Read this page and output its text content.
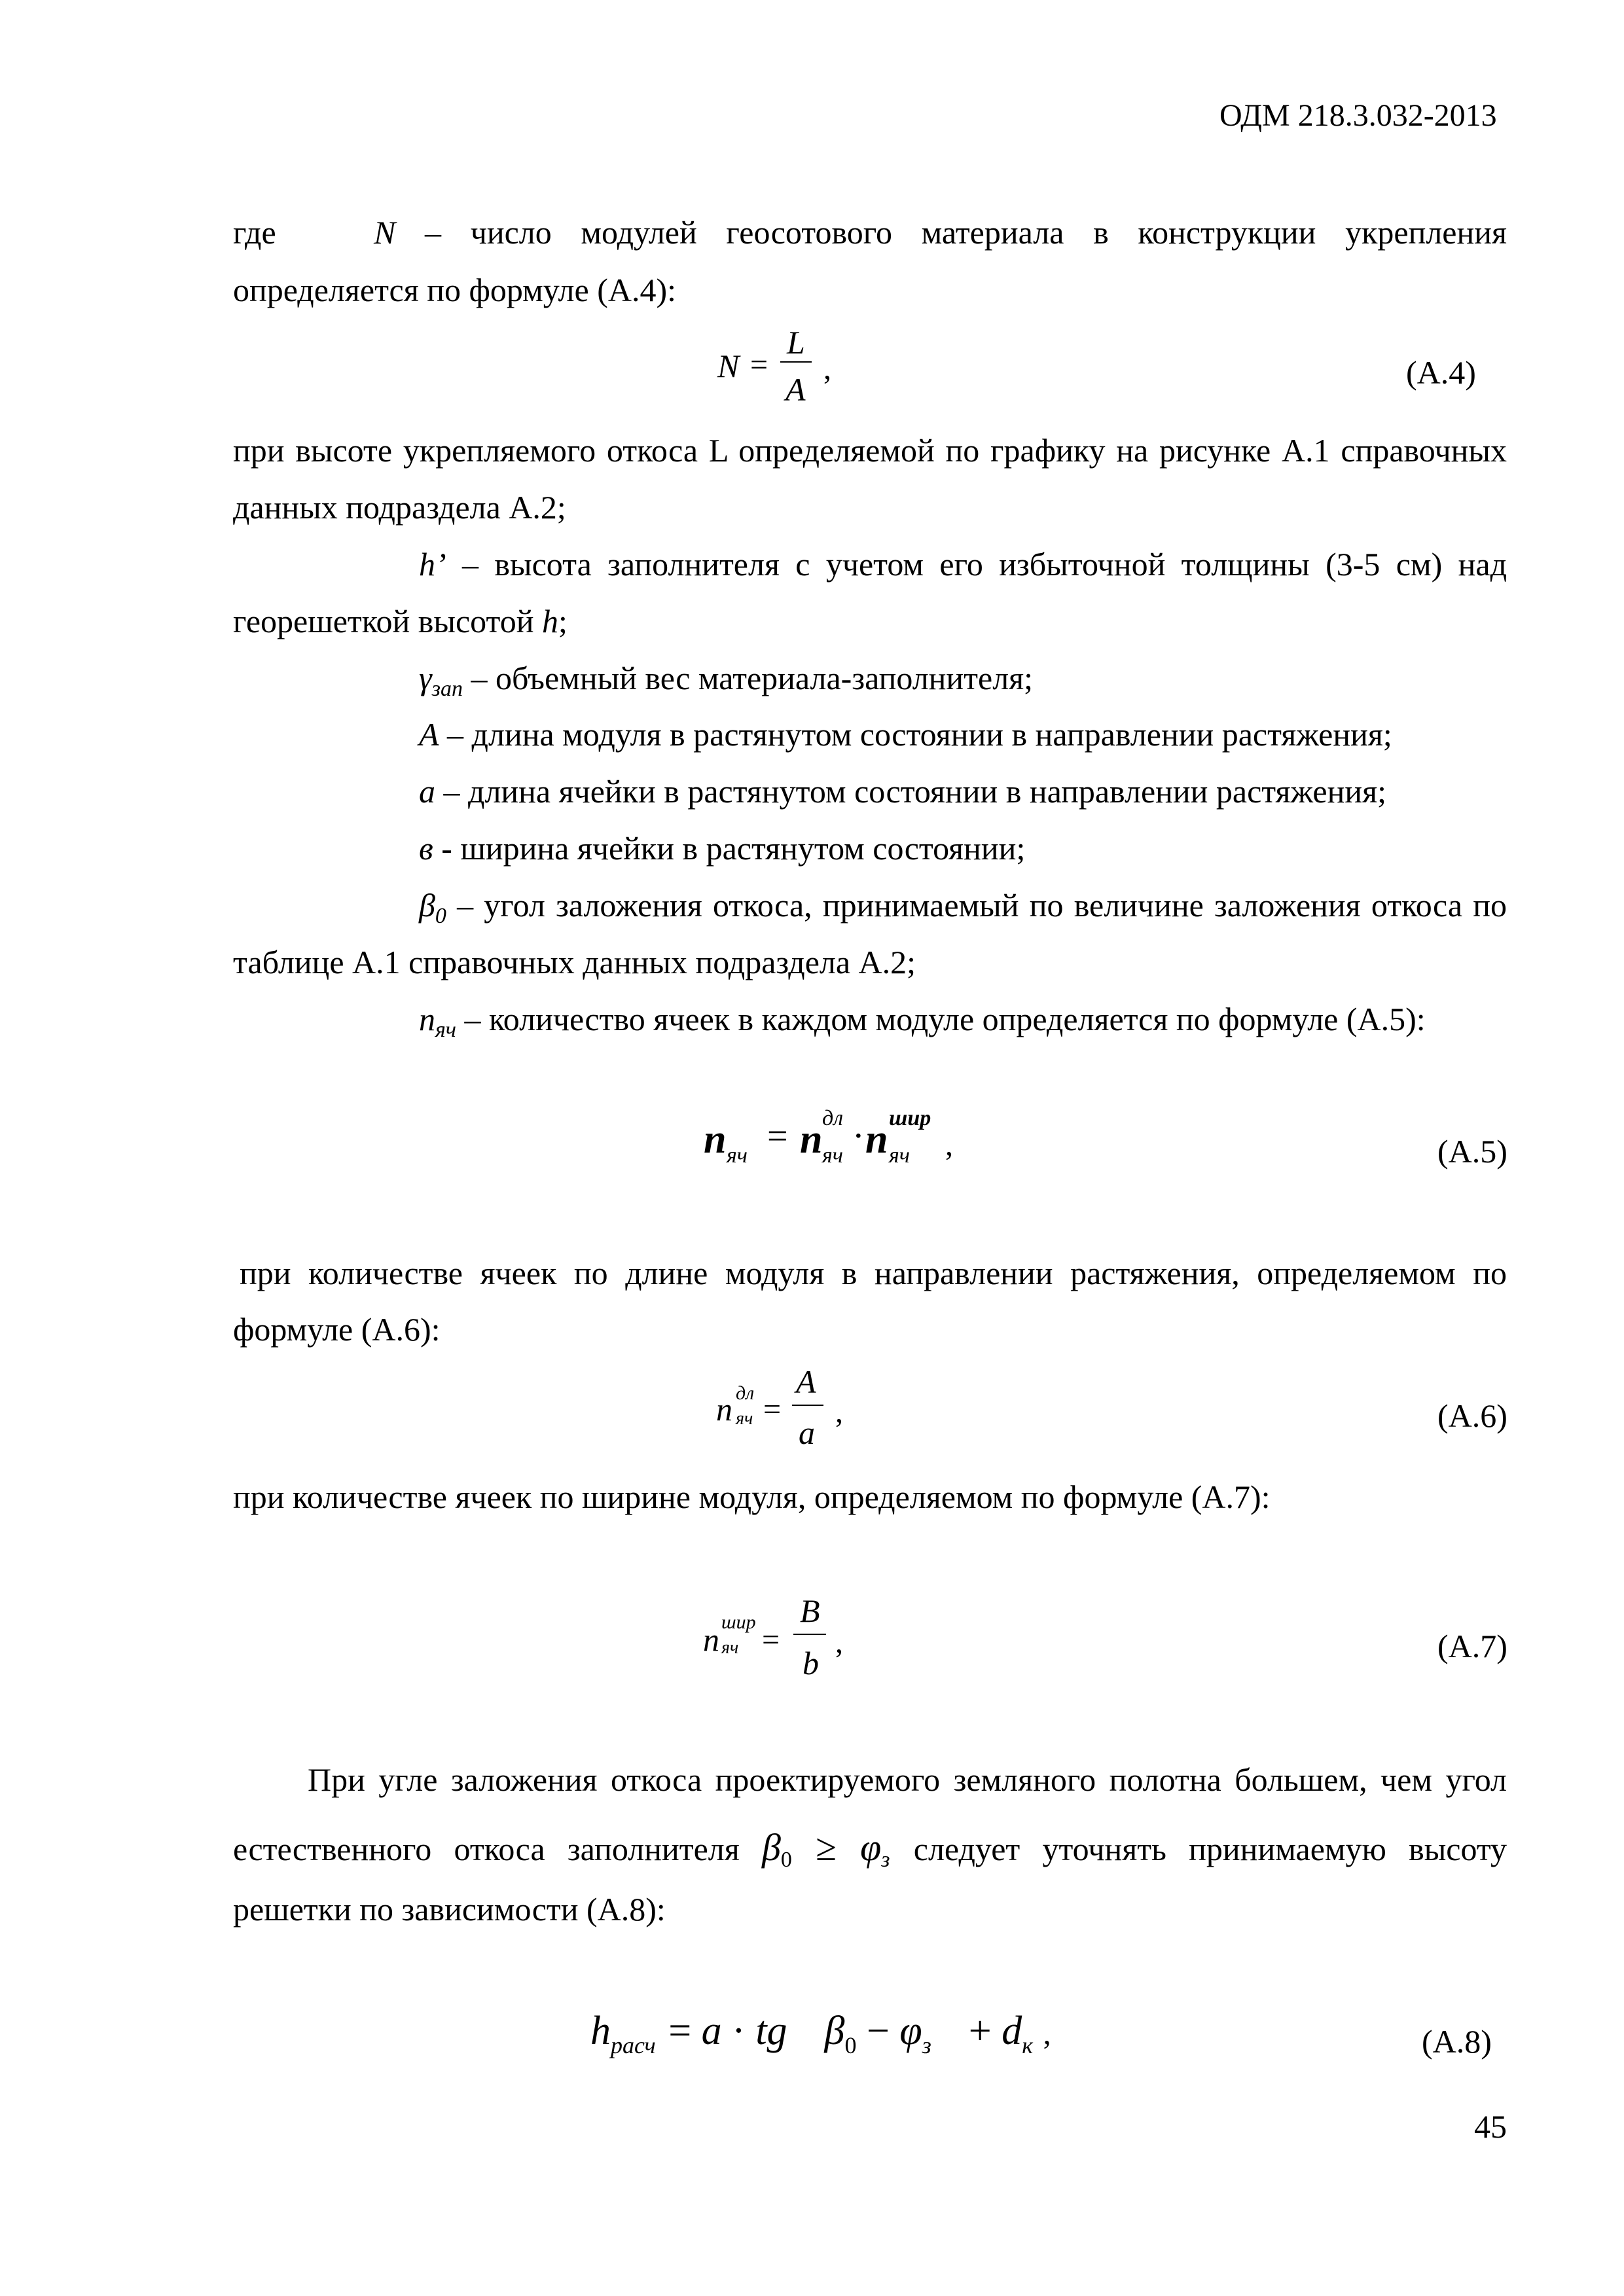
ОДМ 218.3.032-2013
где	N – число модулей геосотового материала в конструкции укрепления
определяется по формуле (А.4):
N =
L
A
,	(А.4)
при высоте укрепляемого откоса L определяемой по графику на рисунке А.1 справочных
данных подраздела А.2;
h’ – высота заполнителя с учетом его избыточной толщины (3-5 см) над
георешеткой высотой h;
$\gamma_{зап}$ – объемный вес материала-заполнителя;
A – длина модуля в растянутом состоянии в направлении растяжения;
a – длина ячейки в растянутом состоянии в направлении растяжения;
в - ширина ячейки в растянутом состоянии;
$\beta_0$ – угол заложения откоса, принимаемый по величине заложения откоса по
таблице А.1 справочных данных подраздела А.2;
$n_{яч}$ – количество ячеек в каждом модуле определяется по формуле (А.5):
n яч = n дл
яч · n шир
яч ,	(А.5)
при количестве ячеек по длине модуля в направлении растяжения, определяемом по
формуле (А.6):
n дл
яч =
A
a
,	(А.6)
при количестве ячеек по ширине модуля, определяемом по формуле (А.7):
n шир
яч =
B
b
,	(А.7)
При угле заложения откоса проектируемого земляного полотна большем, чем угол
естественного откоса заполнителя β0 ≥ φз следует уточнять принимаемую высоту
решетки по зависимости (А.8):
$h_{расч} = a$ · tg $\beta_0 - \varphi_з + d_к$ ,	(А.8)
45
